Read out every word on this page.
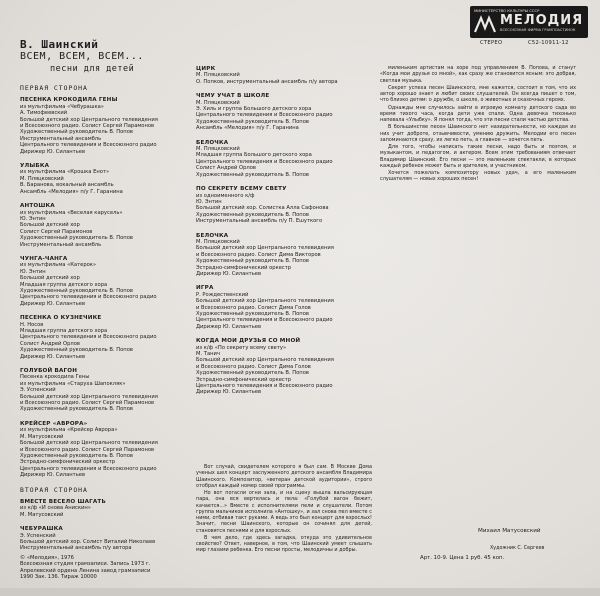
МИНИСТЕРСТВО КУЛЬТУРЫ СССР
МЕЛОДИЯ
ВСЕСОЮЗНАЯ ФИРМА ГРАМПЛАСТИНОК
СТЕРЕО	С52-10911-12
В. Шаинский
ВСЕМ, ВСЕМ, ВСЕМ...
песни для детей
ПЕРВАЯ СТОРОНА
ПЕСЕНКА КРОКОДИЛА ГЕНЫ
из мультфильма «Чебурашка»
А. Тимофеевский
Большой детский хор Центрального телевидения
и Всесоюзного радио. Солист Сергей Парамонов
Художественный руководитель В. Попов
Инструментальный ансамбль
Центрального телевидения и Всесоюзного радио
Дирижер Ю. Силантьев
УЛЫБКА
из мультфильма «Крошка Енот»
М. Пляцковский
В. Баранова, вокальный ансамбль
Ансамбль «Мелодия» п/у Г. Гаранина
АНТОШКА
из мультфильма «Веселая карусель»
Ю. Энтин
Большой детский хор
Солист Сергей Парамонов
Художественный руководитель В. Попов
Инструментальный ансамбль
ЧУНГА-ЧАНГА
из мультфильма «Катерок»
Ю. Энтин
Большой детский хор
Младшая группа детского хора
Художественный руководитель В. Попов
Центрального телевидения и Всесоюзного радио
Дирижер Ю. Силантьев
ПЕСЕНКА О КУЗНЕЧИКЕ
Н. Носов
Младшая группа детского хора
Центрального телевидения и Всесоюзного радио
Солист Андрей Орлов
Художественный руководитель В. Попов
Дирижер Ю. Силантьев
ГОЛУБОЙ ВАГОН
Песенка крокодила Гены
из мультфильма «Старуха Шапокляк»
Э. Успенский
Большой детский хор Центрального телевидения
и Всесоюзного радио. Солист Сергей Парамонов
Художественный руководитель В. Попов
КРЕЙСЕР «АВРОРА»
из мультфильма «Крейсер Аврора»
М. Матусовский
Большой детский хор Центрального телевидения
и Всесоюзного радио. Солист Сергей Парамонов
Художественный руководитель В. Попов
Эстрадно-симфонический оркестр
Центрального телевидения и Всесоюзного радио
Дирижер Ю. Силантьев
ВТОРАЯ СТОРОНА
ВМЕСТЕ ВЕСЕЛО ШАГАТЬ
из к/ф «И снова Анискин»
М. Матусовский
ЧЕБУРАШКА
Э. Успенский
Большой детский хор. Солист Виталий Николаев
Инструментальный ансамбль п/у автора
ЦИРК
М. Пляцковский
О. Попков, инструментальный ансамбль п/у автора
ЧЕМУ УЧАТ В ШКОЛЕ
М. Пляцковский
Э. Хиль и группа Большого детского хора
Центрального телевидения и Всесоюзного радио
Художественный руководитель В. Попов
Ансамбль «Мелодия» п/у Г. Гаранина
БЕЛОЧКА
М. Пляцковский
Младшая группа Большого детского хора
Центрального телевидения и Всесоюзного радио
Солист Андрей Орлов
Художественный руководитель В. Попов
ПО СЕКРЕТУ ВСЕМУ СВЕТУ
из одноименного к/ф
Ю. Энтин
Большой детский хор. Солистка Алла Сафонова
Художественный руководитель В. Попов
Инструментальный ансамбль п/у П. Ешуткого
БЕЛОЧКА
М. Пляцковский
Большой детский хор Центрального телевидения
и Всесоюзного радио. Солист Дима Викторов
Художественный руководитель В. Попов
Эстрадно-симфонический оркестр
Дирижер Ю. Силантьев
ИГРА
Р. Рождественский
Большой детский хор Центрального телевидения
и Всесоюзного радио. Солист Дима Голов
Художественный руководитель В. Попов
Центрального телевидения и Всесоюзного радио
Дирижер Ю. Силантьев
КОГДА МОИ ДРУЗЬЯ СО МНОЙ
из к/ф «По секрету всему свету»
М. Танич
Большой детский хор Центрального телевидения
и Всесоюзного радио. Солист Дима Голов
Художественный руководитель В. Попов
Эстрадно-симфонический оркестр
Центрального телевидения и Всесоюзного радио
Дирижер Ю. Силантьев

Вот случай, свидетелем которого я был сам. В Москве Дома ученых шел концерт заслуженного детского ансамбля Владимира Шаинского. Композитор, «ветеран детской аудитории», строго отобрал каждый номер своей программы.

Но вот погасли огни зала, и на сцену вышла вальсирующая пара, она вся вертелась и пела: «Голубой вагон бежит, качается...» Вместе с исполнителями пели и слушатели. Потом группа мальчиков исполнила «Антошку», и зал снова пел вместе с ними, отбивая такт руками. А ведь это был концерт для взрослых! Значит, песни Шаинского, которые он сочинял для детей, становятся песнями и для взрослых.

В чем дело, где здесь загадка, откуда это удивительное свойство? Ответ, наверное, в том, что Шаинский умеет слышать мир глазами ребенка. Его песни просты, мелодичны и добры.

миленьким артистам на хоре под управлением В. Попова, и станут «Когда мои друзья со мной», как сразу же становится ясным: это добрая, светлая музыка.

Секрет успеха песен Шаинского, мне кажется, состоит в том, что их автор хорошо знает и любит своих слушателей. Он всегда пишет о том, что близко детям: о дружбе, о школе, о животных и сказочных героях.

Однажды мне случилось зайти в игровую комнату детского сада во время тихого часа, когда дети уже спали. Одна девочка тихонько напевала «Улыбку». Я понял тогда, что эти песни стали частью детства.

В большинстве песен Шаинского нет назидательности, но каждая из них учит доброте, отзывчивости, умению дружить. Мелодии его песен запоминаются сразу, их легко петь, а главное — хочется петь.

Для того, чтобы написать такие песни, надо быть и поэтом, и музыкантом, и педагогом, и актером. Всем этим требованиям отвечает Владимир Шаинский. Его песни — это маленькие спектакли, в которых каждый ребенок может быть и зрителем, и участником.

Хочется пожелать композитору новых удач, а его маленьким слушателям — новых хороших песен!

Михаил Матусовский
Художник С. Сергеев
Арт. 10-9. Цена 1 руб. 45 коп.
© «Мелодия», 1976
Всесоюзная студия грамзаписи. Запись 1973 г.
Апрелевский ордена Ленина завод грамзаписи
1990 Зак. 136. Тираж 10000
